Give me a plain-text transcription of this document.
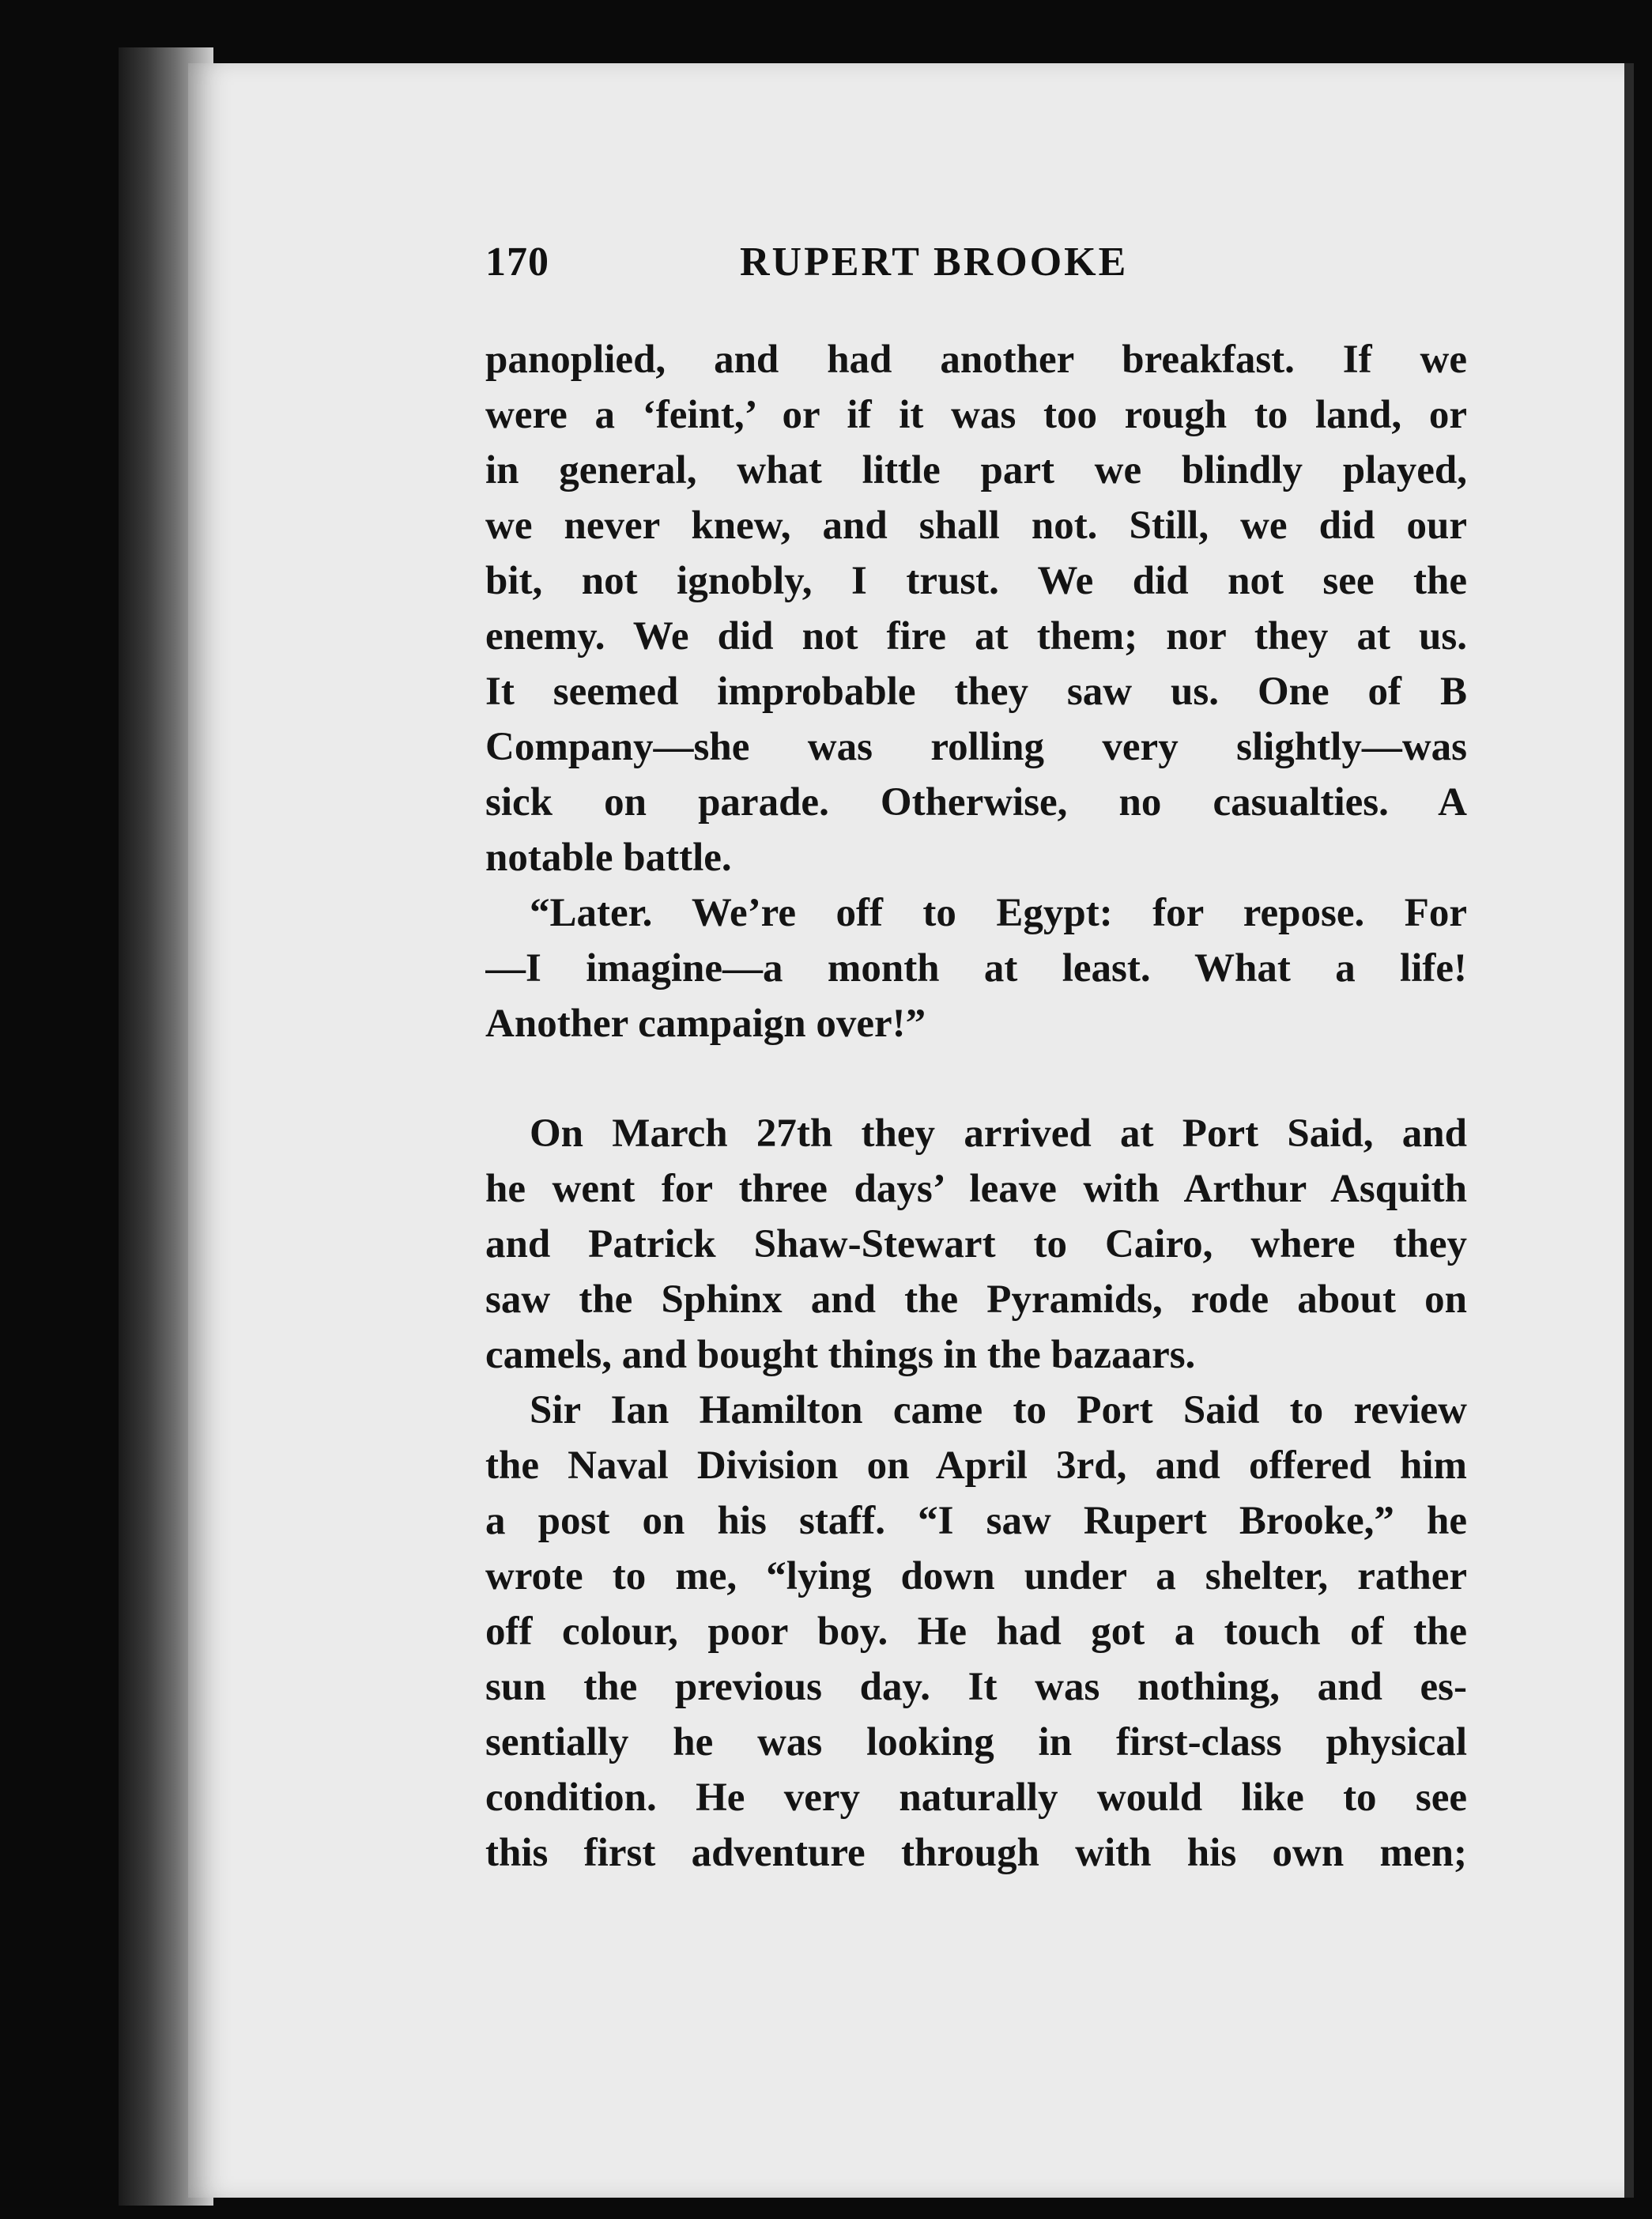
170	RUPERT BROOKE
panoplied, and had another breakfast. If we
were a ‘feint,’ or if it was too rough to land, or
in general, what little part we blindly played,
we never knew, and shall not. Still, we did our
bit, not ignobly, I trust. We did not see the
enemy. We did not fire at them; nor they at us.
It seemed improbable they saw us. One of B
Company—she was rolling very slightly—was
sick on parade. Otherwise, no casualties. A
notable battle.
“Later. We’re off to Egypt: for repose. For
—I imagine—a month at least. What a life!
Another campaign over!”
On March 27th they arrived at Port Said, and
he went for three days’ leave with Arthur Asquith
and Patrick Shaw-Stewart to Cairo, where they
saw the Sphinx and the Pyramids, rode about on
camels, and bought things in the bazaars.
Sir Ian Hamilton came to Port Said to review
the Naval Division on April 3rd, and offered him
a post on his staff. “I saw Rupert Brooke,” he
wrote to me, “lying down under a shelter, rather
off colour, poor boy. He had got a touch of the
sun the previous day. It was nothing, and es-
sentially he was looking in first-class physical
condition. He very naturally would like to see
this first adventure through with his own men;
